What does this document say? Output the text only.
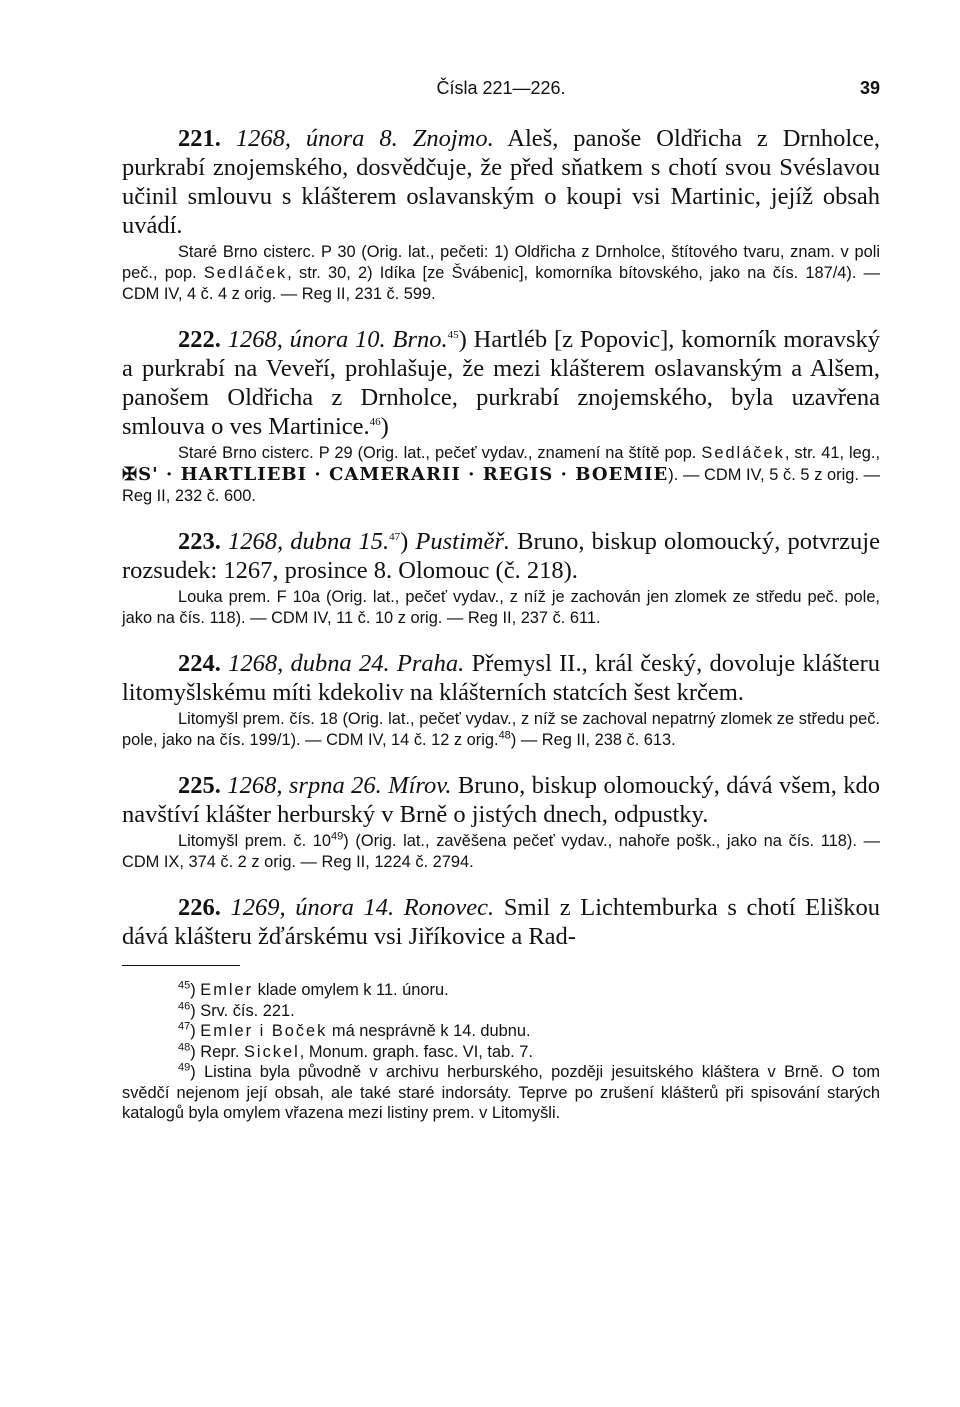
Čísla 221—226.	39

221. 1268, února 8. Znojmo. Aleš, panoše Oldřicha z Drnholce, purkrabí znojemského, dosvědčuje, že před sňatkem s chotí svou Svéslavou učinil smlouvu s klášterem oslavanským o koupi vsi Martinic, jejíž obsah uvádí.

Staré Brno cisterc. P 30 (Orig. lat., pečeti: 1) Oldřicha z Drnholce, štítového tvaru, znam. v poli peč., pop. Sedláček, str. 30, 2) Idíka [ze Švábenic], komorníka bítovského, jako na čís. 187/4). — CDM IV, 4 č. 4 z orig. — Reg II, 231 č. 599.

222. 1268, února 10. Brno.$^{45}$) Hartléb [z Popovic], komorník moravský a purkrabí na Veveří, prohlašuje, že mezi klášterem oslavanským a Alšem, panošem Oldřicha z Drnholce, purkrabí znojemského, byla uzavřena smlouva o ves Martinice.$^{46}$)

Staré Brno cisterc. P 29 (Orig. lat., pečeť vydav., znamení na štítě pop. Sedláček, str. 41, leg., ✠S' · HARTLIEBI · CAMERARII · REGIS · BOEMIE). — CDM IV, 5 č. 5 z orig. — Reg II, 232 č. 600.

223. 1268, dubna 15.47) Pustiměř. Bruno, biskup olomoucký, potvrzuje rozsudek: 1267, prosince 8. Olomouc (č. 218).

Louka prem. F 10a (Orig. lat., pečeť vydav., z níž je zachován jen zlomek ze středu peč. pole, jako na čís. 118). — CDM IV, 11 č. 10 z orig. — Reg II, 237 č. 611.

224. 1268, dubna 24. Praha. Přemysl II., král český, dovoluje klášteru litomyšlskému míti kdekoliv na klášterních statcích šest krčem.

Litomyšl prem. čís. 18 (Orig. lat., pečeť vydav., z níž se zachoval nepatrný zlomek ze středu peč. pole, jako na čís. 199/1). — CDM IV, 14 č. 12 z orig.$^{48}$) — Reg II, 238 č. 613.

225. 1268, srpna 26. Mírov. Bruno, biskup olomoucký, dává všem, kdo navštíví klášter herburský v Brně o jistých dnech, odpustky.

Litomyšl prem. č. $10^{49}$) (Orig. lat., zavěšena pečeť vydav., nahoře pošk., jako na čís. 118). — CDM IX, 374 č. 2 z orig. — Reg II, 1224 č. 2794.

226. 1269, února 14. Ronovec. Smil z Lichtemburka s chotí Eliškou dává klášteru žďárskému vsi Jiříkovice a Rad-

$^{45}$) Emler klade omylem k 11. únoru.

$^{46}$) Srv. čís. 221.

$^{47}$) Emler i Boček má nesprávně k 14. dubnu.

$^{48}$) Repr. Sickel, Monum. graph. fasc. VI, tab. 7.

$^{49}$) Listina byla původně v archivu herburského, později jesuitského kláštera v Brně. O tom svědčí nejenom její obsah, ale také staré indorsáty. Teprve po zrušení klášterů při spisování starých katalogů byla omylem vřazena mezi listiny prem. v Litomyšli.
